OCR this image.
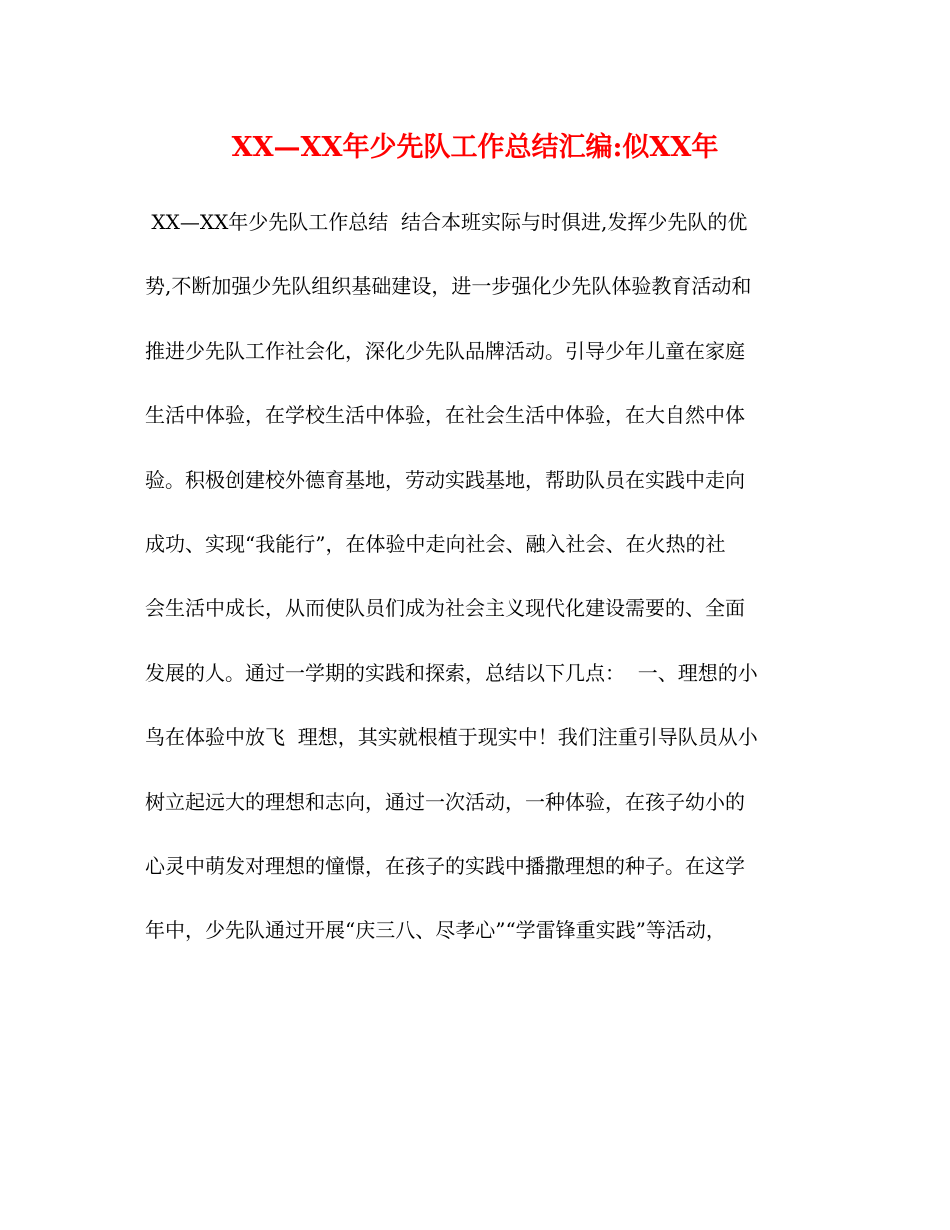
XX—XX年少先队工作总结汇编:似XX年
XX—XX年少先队工作总结  结合本班实际与时俱进,发挥少先队的优
势,不断加强少先队组织基础建设，进一步强化少先队体验教育活动和
推进少先队工作社会化，深化少先队品牌活动。引导少年儿童在家庭
生活中体验，在学校生活中体验，在社会生活中体验，在大自然中体
验。积极创建校外德育基地，劳动实践基地，帮助队员在实践中走向
成功、实现“我能行”，在体验中走向社会、融入社会、在火热的社
会生活中成长，从而使队员们成为社会主义现代化建设需要的、全面
发展的人。通过一学期的实践和探索，总结以下几点：  一、理想的小
鸟在体验中放飞  理想，其实就根植于现实中！我们注重引导队员从小
树立起远大的理想和志向，通过一次活动，一种体验，在孩子幼小的
心灵中萌发对理想的憧憬，在孩子的实践中播撒理想的种子。在这学
年中，少先队通过开展“庆三八、尽孝心”“学雷锋重实践”等活动，
